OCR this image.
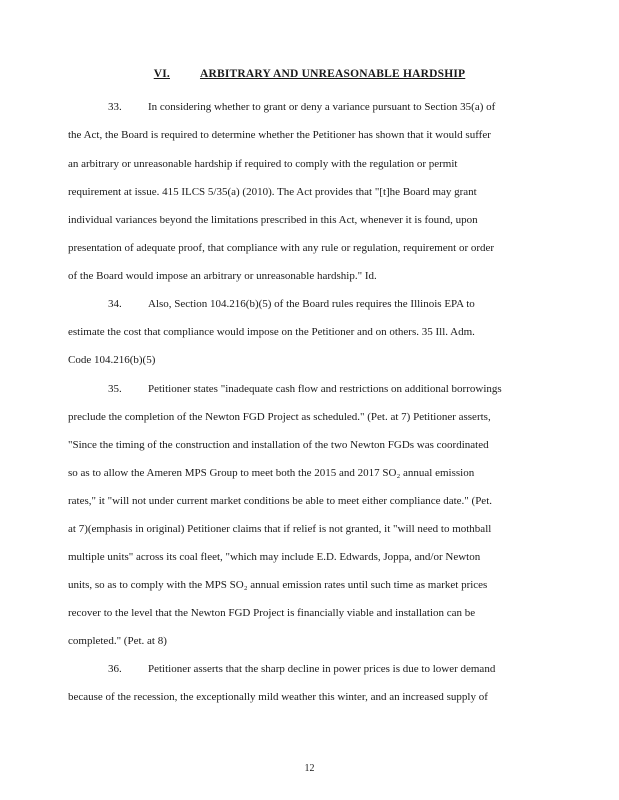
VI.	ARBITRARY AND UNREASONABLE HARDSHIP
33. In considering whether to grant or deny a variance pursuant to Section 35(a) of
the Act, the Board is required to determine whether the Petitioner has shown that it would suffer
an arbitrary or unreasonable hardship if required to comply with the regulation or permit
requirement at issue. 415 ILCS 5/35(a) (2010). The Act provides that "[t]he Board may grant
individual variances beyond the limitations prescribed in this Act, whenever it is found, upon
presentation of adequate proof, that compliance with any rule or regulation, requirement or order
of the Board would impose an arbitrary or unreasonable hardship." Id.
34. Also, Section 104.216(b)(5) of the Board rules requires the Illinois EPA to
estimate the cost that compliance would impose on the Petitioner and on others. 35 Ill. Adm.
Code 104.216(b)(5)
35. Petitioner states "inadequate cash flow and restrictions on additional borrowings
preclude the completion of the Newton FGD Project as scheduled." (Pet. at 7) Petitioner asserts,
"Since the timing of the construction and installation of the two Newton FGDs was coordinated
so as to allow the Ameren MPS Group to meet both the 2015 and 2017 SO₂ annual emission
rates," it "will not under current market conditions be able to meet either compliance date." (Pet.
at 7)(emphasis in original) Petitioner claims that if relief is not granted, it "will need to mothball
multiple units" across its coal fleet, "which may include E.D. Edwards, Joppa, and/or Newton
units, so as to comply with the MPS SO₂ annual emission rates until such time as market prices
recover to the level that the Newton FGD Project is financially viable and installation can be
completed." (Pet. at 8)
36. Petitioner asserts that the sharp decline in power prices is due to lower demand
because of the recession, the exceptionally mild weather this winter, and an increased supply of
12
